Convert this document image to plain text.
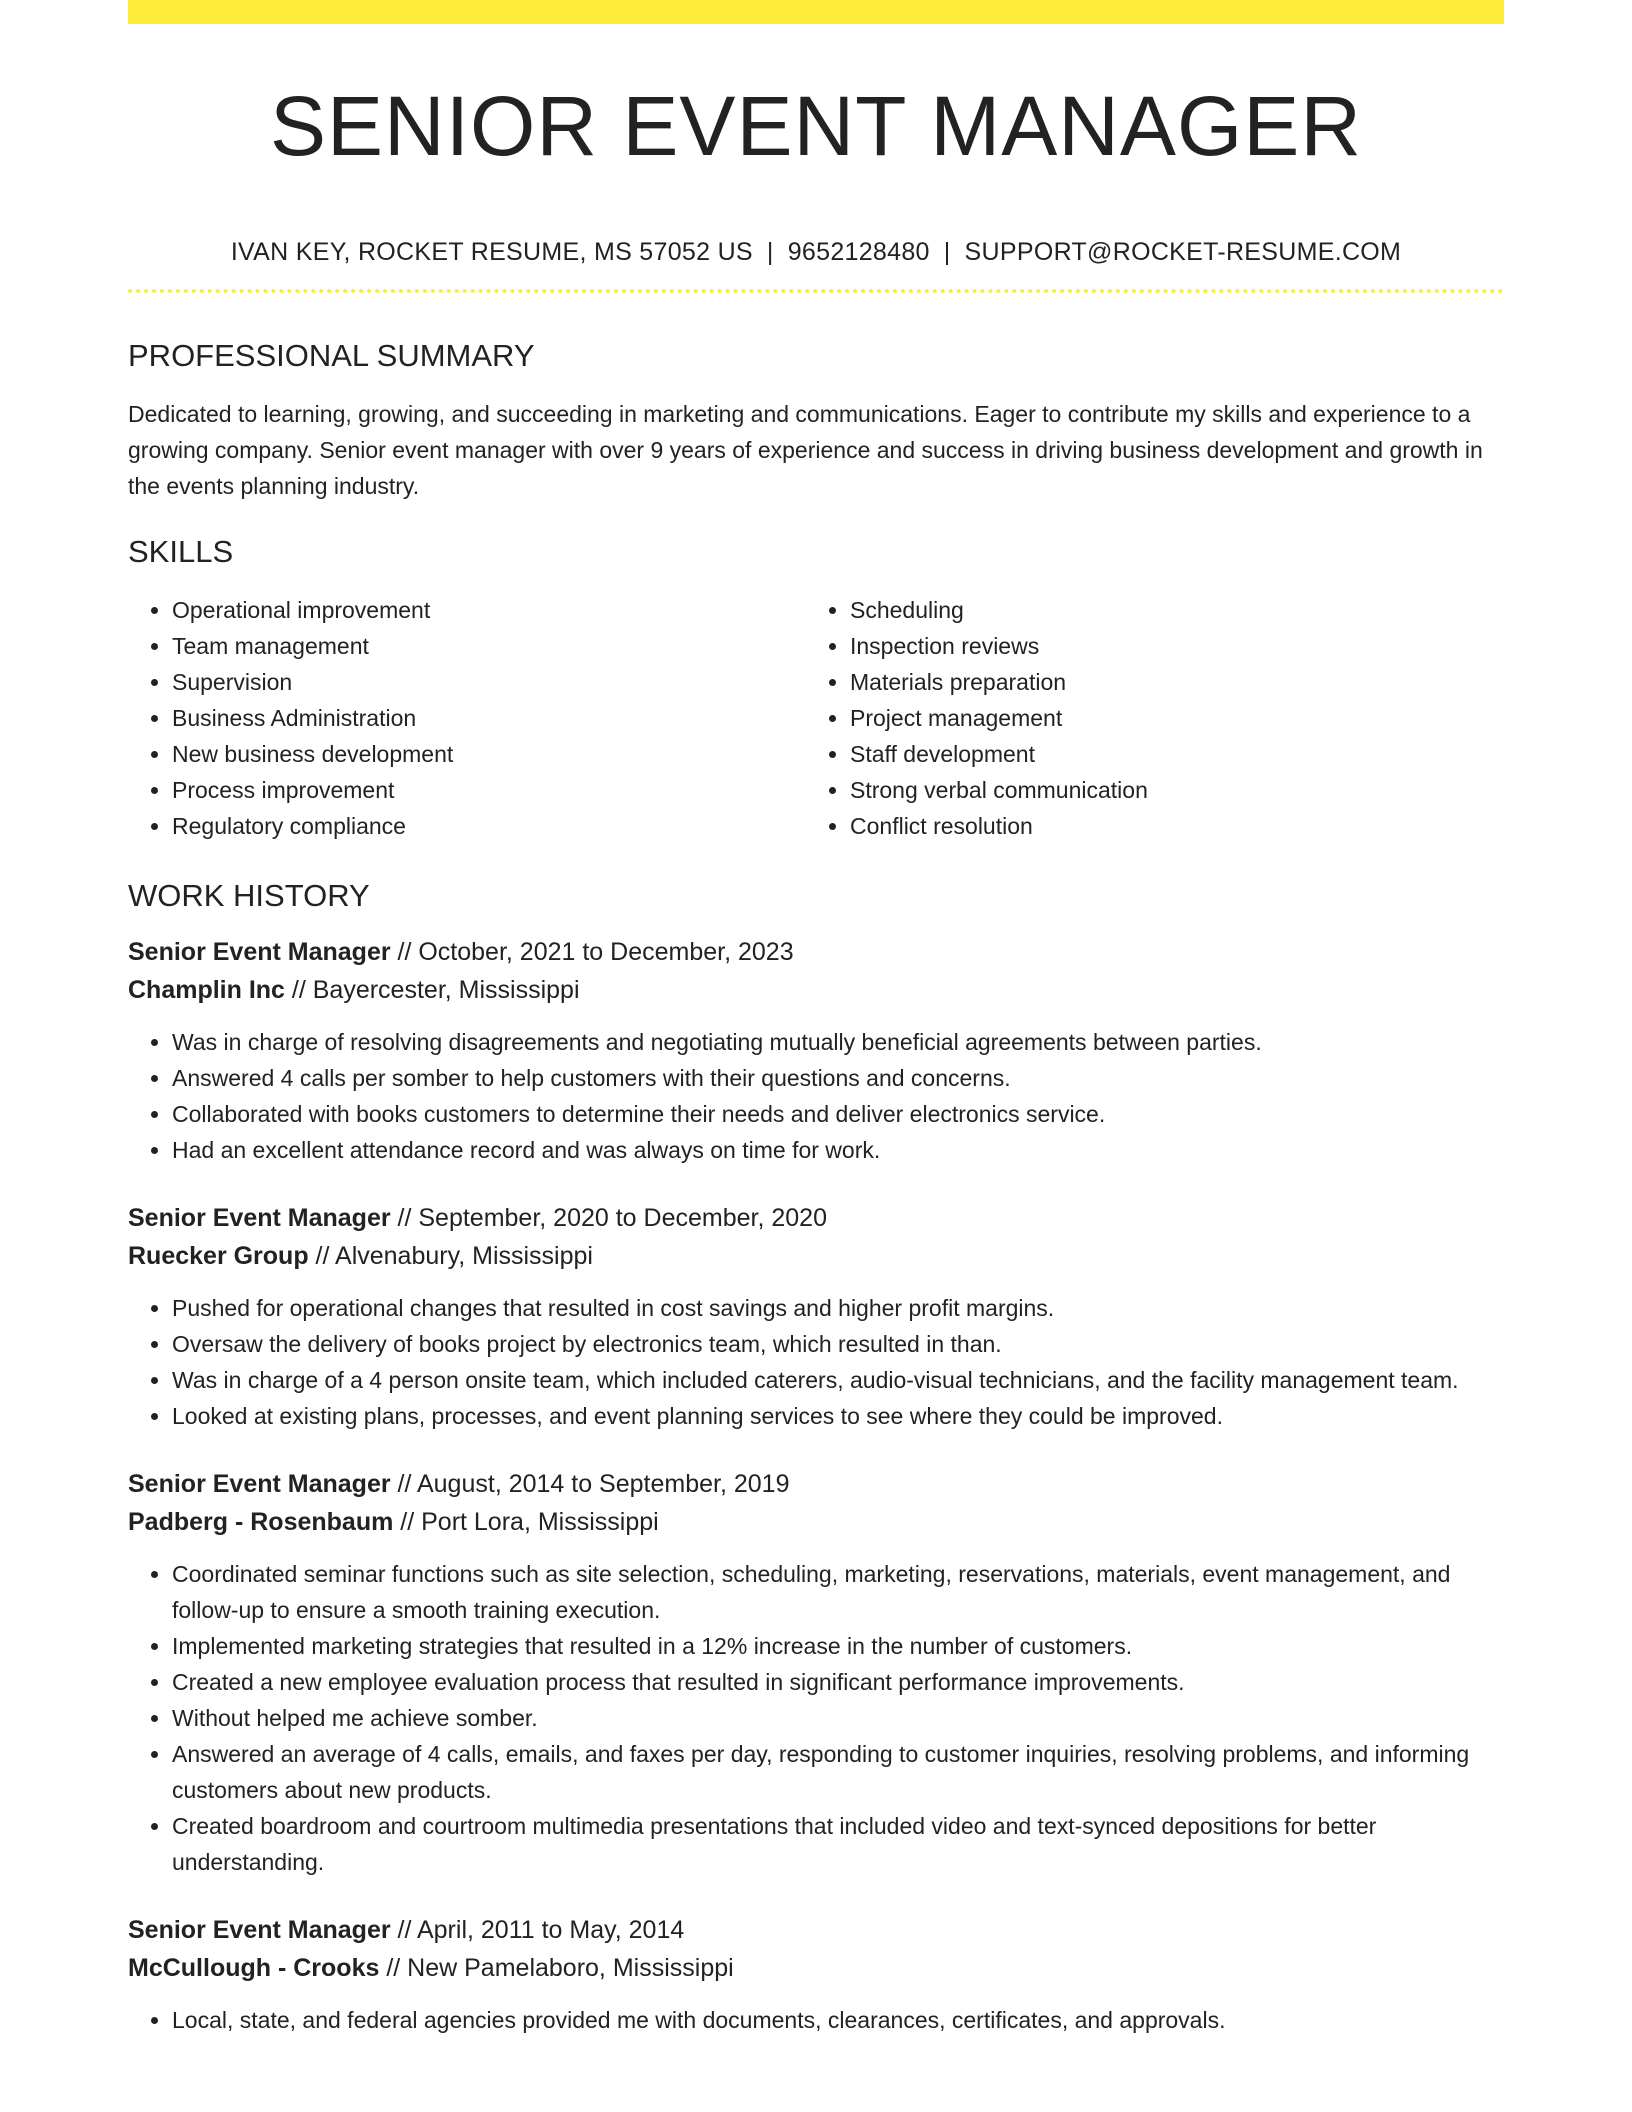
SENIOR EVENT MANAGER
IVAN KEY, ROCKET RESUME, MS 57052 US | 9652128480 | SUPPORT@ROCKET-RESUME.COM
PROFESSIONAL SUMMARY

Dedicated to learning, growing, and succeeding in marketing and communications. Eager to contribute my skills and experience to a growing company. Senior event manager with over 9 years of experience and success in driving business development and growth in the events planning industry.

SKILLS
• Operational improvement
• Team management
• Supervision
• Business Administration
• New business development
• Process improvement
• Regulatory compliance
• Scheduling
• Inspection reviews
• Materials preparation
• Project management
• Staff development
• Strong verbal communication
• Conflict resolution
WORK HISTORY
Senior Event Manager // October, 2021 to December, 2023
Champlin Inc // Bayercester, Mississippi
• Was in charge of resolving disagreements and negotiating mutually beneficial agreements between parties.
• Answered 4 calls per somber to help customers with their questions and concerns.
• Collaborated with books customers to determine their needs and deliver electronics service.
• Had an excellent attendance record and was always on time for work.
Senior Event Manager // September, 2020 to December, 2020
Ruecker Group // Alvenabury, Mississippi
• Pushed for operational changes that resulted in cost savings and higher profit margins.
• Oversaw the delivery of books project by electronics team, which resulted in than.
• Was in charge of a 4 person onsite team, which included caterers, audio-visual technicians, and the facility management team.
• Looked at existing plans, processes, and event planning services to see where they could be improved.
Senior Event Manager // August, 2014 to September, 2019
Padberg - Rosenbaum // Port Lora, Mississippi
• Coordinated seminar functions such as site selection, scheduling, marketing, reservations, materials, event management, and follow-up to ensure a smooth training execution.
• Implemented marketing strategies that resulted in a 12% increase in the number of customers.
• Created a new employee evaluation process that resulted in significant performance improvements.
• Without helped me achieve somber.
• Answered an average of 4 calls, emails, and faxes per day, responding to customer inquiries, resolving problems, and informing customers about new products.
• Created boardroom and courtroom multimedia presentations that included video and text-synced depositions for better understanding.
Senior Event Manager // April, 2011 to May, 2014
McCullough - Crooks // New Pamelaboro, Mississippi
• Local, state, and federal agencies provided me with documents, clearances, certificates, and approvals.
